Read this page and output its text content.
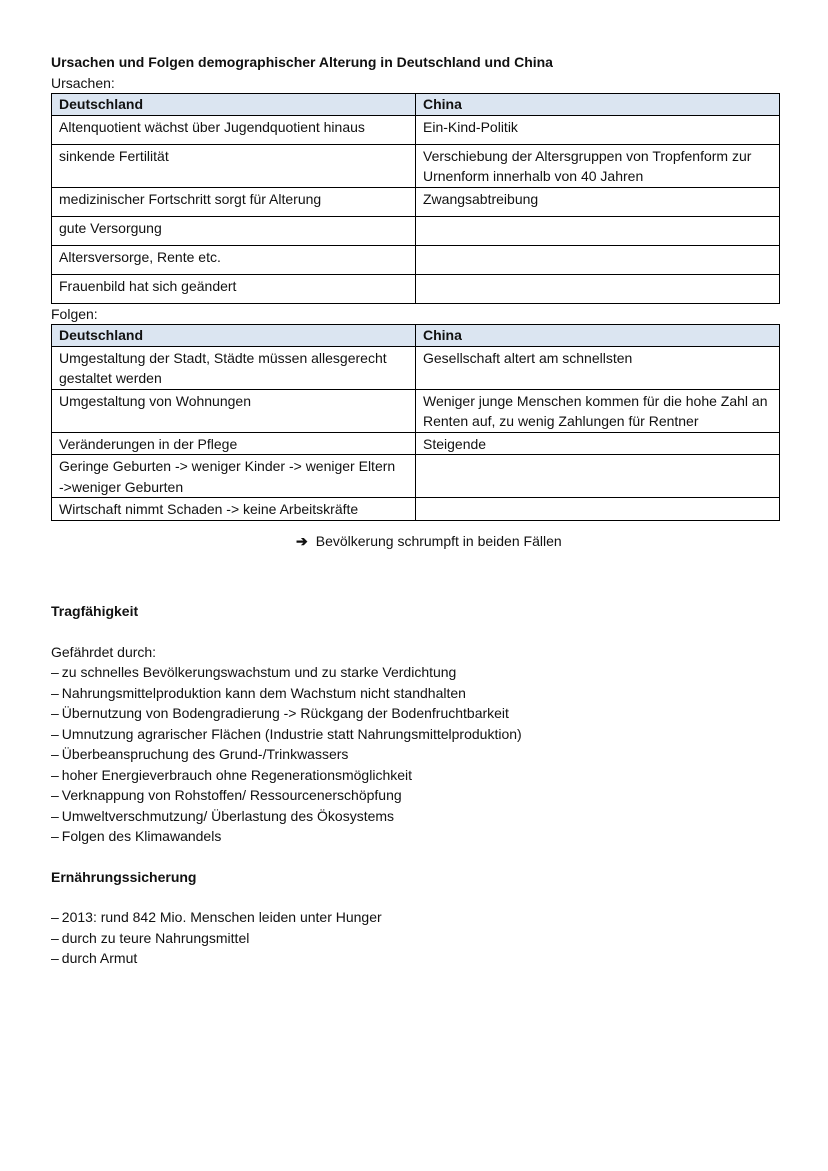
Ursachen und Folgen demographischer Alterung in Deutschland und China

Ursachen:

Deutschland	China
Altenquotient wächst über Jugendquotient hinaus	Ein-Kind-Politik
sinkende Fertilität	Verschiebung der Altersgruppen von Tropfenform zur Urnenform innerhalb von 40 Jahren
medizinischer Fortschritt sorgt für Alterung	Zwangsabtreibung
gute Versorgung	
Altersversorge, Rente etc.	
Frauenbild hat sich geändert	

Folgen:

Deutschland	China
Umgestaltung der Stadt, Städte müssen allesgerecht gestaltet werden	Gesellschaft altert am schnellsten
Umgestaltung von Wohnungen	Weniger junge Menschen kommen für die hohe Zahl an Renten auf, zu wenig Zahlungen für Rentner
Veränderungen in der Pflege	Steigende
Geringe Geburten -> weniger Kinder -> weniger Eltern
->weniger Geburten	
Wirtschaft nimmt Schaden -> keine Arbeitskräfte	

➔ Bevölkerung schrumpft in beiden Fällen

Tragfähigkeit

Gefährdet durch:

– zu schnelles Bevölkerungswachstum und zu starke Verdichtung
– Nahrungsmittelproduktion kann dem Wachstum nicht standhalten
– Übernutzung von Bodengradierung -> Rückgang der Bodenfruchtbarkeit
– Umnutzung agrarischer Flächen (Industrie statt Nahrungsmittelproduktion)
– Überbeanspruchung des Grund-/Trinkwassers
– hoher Energieverbrauch ohne Regenerationsmöglichkeit
– Verknappung von Rohstoffen/ Ressourcenerschöpfung
– Umweltverschmutzung/ Überlastung des Ökosystems
– Folgen des Klimawandels

Ernährungssicherung

– 2013: rund 842 Mio. Menschen leiden unter Hunger
– durch zu teure Nahrungsmittel
– durch Armut
